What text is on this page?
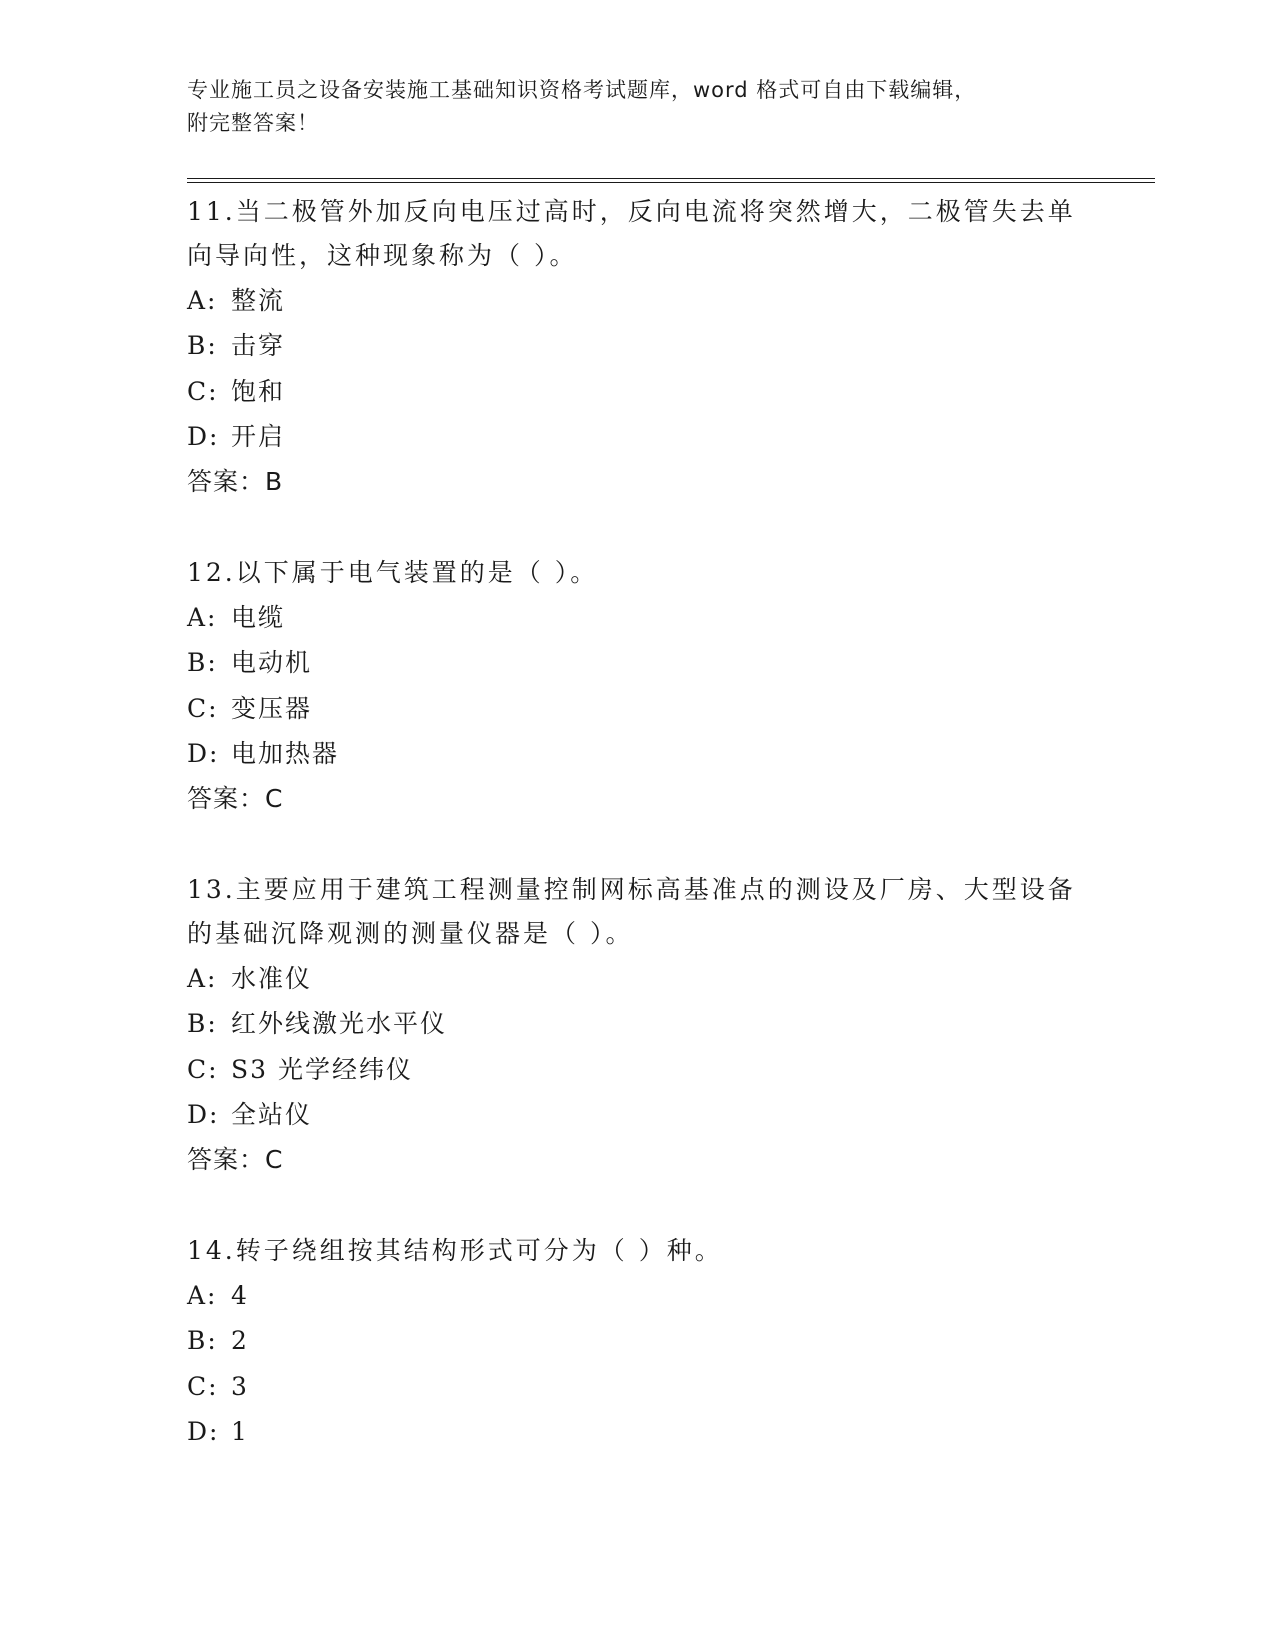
专业施工员之设备安装施工基础知识资格考试题库，word 格式可自由下载编辑，
附完整答案！

11.当二极管外加反向电压过高时，反向电流将突然增大，二极管失去单向导向性，这种现象称为（ ）。

A: 整流
B: 击穿
C: 饱和
D: 开启
答案：B

12.以下属于电气装置的是（ ）。

A: 电缆
B: 电动机
C: 变压器
D: 电加热器
答案：C

13.主要应用于建筑工程测量控制网标高基准点的测设及厂房、大型设备的基础沉降观测的测量仪器是（ ）。

A: 水准仪
B: 红外线激光水平仪
C: S3 光学经纬仪
D: 全站仪
答案：C

14.转子绕组按其结构形式可分为（ ）种。

A: 4
B: 2
C: 3
D: 1
